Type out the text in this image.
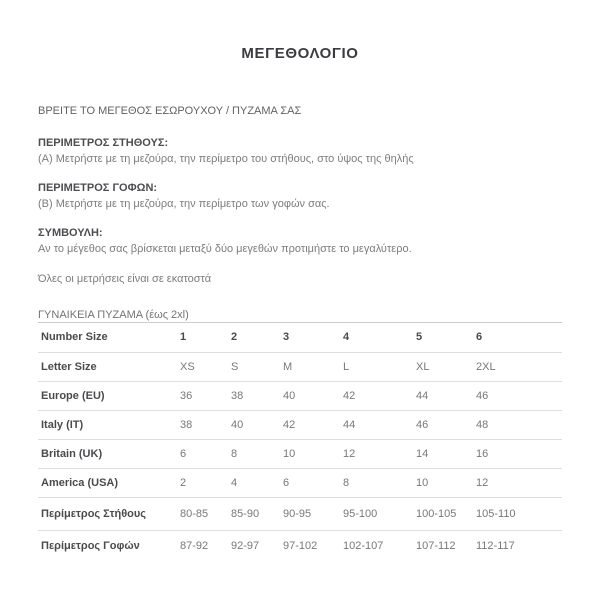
ΜΕΓΕΘΟΛΟΓΙΟ

ΒΡΕΙΤΕ ΤΟ ΜΕΓΕΘΟΣ ΕΣΩΡΟΥΧΟΥ / ΠΥΖΑΜΑ ΣΑΣ

ΠΕΡΙΜΕΤΡΟΣ ΣΤΗΘΟΥΣ:

(A) Μετρήστε με τη μεζούρα, την περίμετρο του στήθους, στο ύψος της θηλής

ΠΕΡΙΜΕΤΡΟΣ ΓΟΦΩΝ:

(B) Μετρήστε με τη μεζούρα, την περίμετρο των γοφών σας.

ΣΥΜΒΟΥΛΗ:

Αν το μέγεθος σας βρίσκεται μεταξύ δύο μεγεθών προτιμήστε το μεγαλύτερο.

Όλες οι μετρήσεις είναι σε εκατοστά

ΓΥΝΑΙΚΕΙΑ ΠΥΖΑΜΑ (έως 2xl)
Number Size	1	2	3	4	5	6
Letter Size	XS	S	M	L	XL	2XL
Europe (EU)	36	38	40	42	44	46
Italy (IT)	38	40	42	44	46	48
Britain (UK)	6	8	10	12	14	16
America (USA)	2	4	6	8	10	12
Περίμετρος Στήθους	80-85	85-90	90-95	95-100	100-105	105-110
Περίμετρος Γοφών	87-92	92-97	97-102	102-107	107-112	112-117
